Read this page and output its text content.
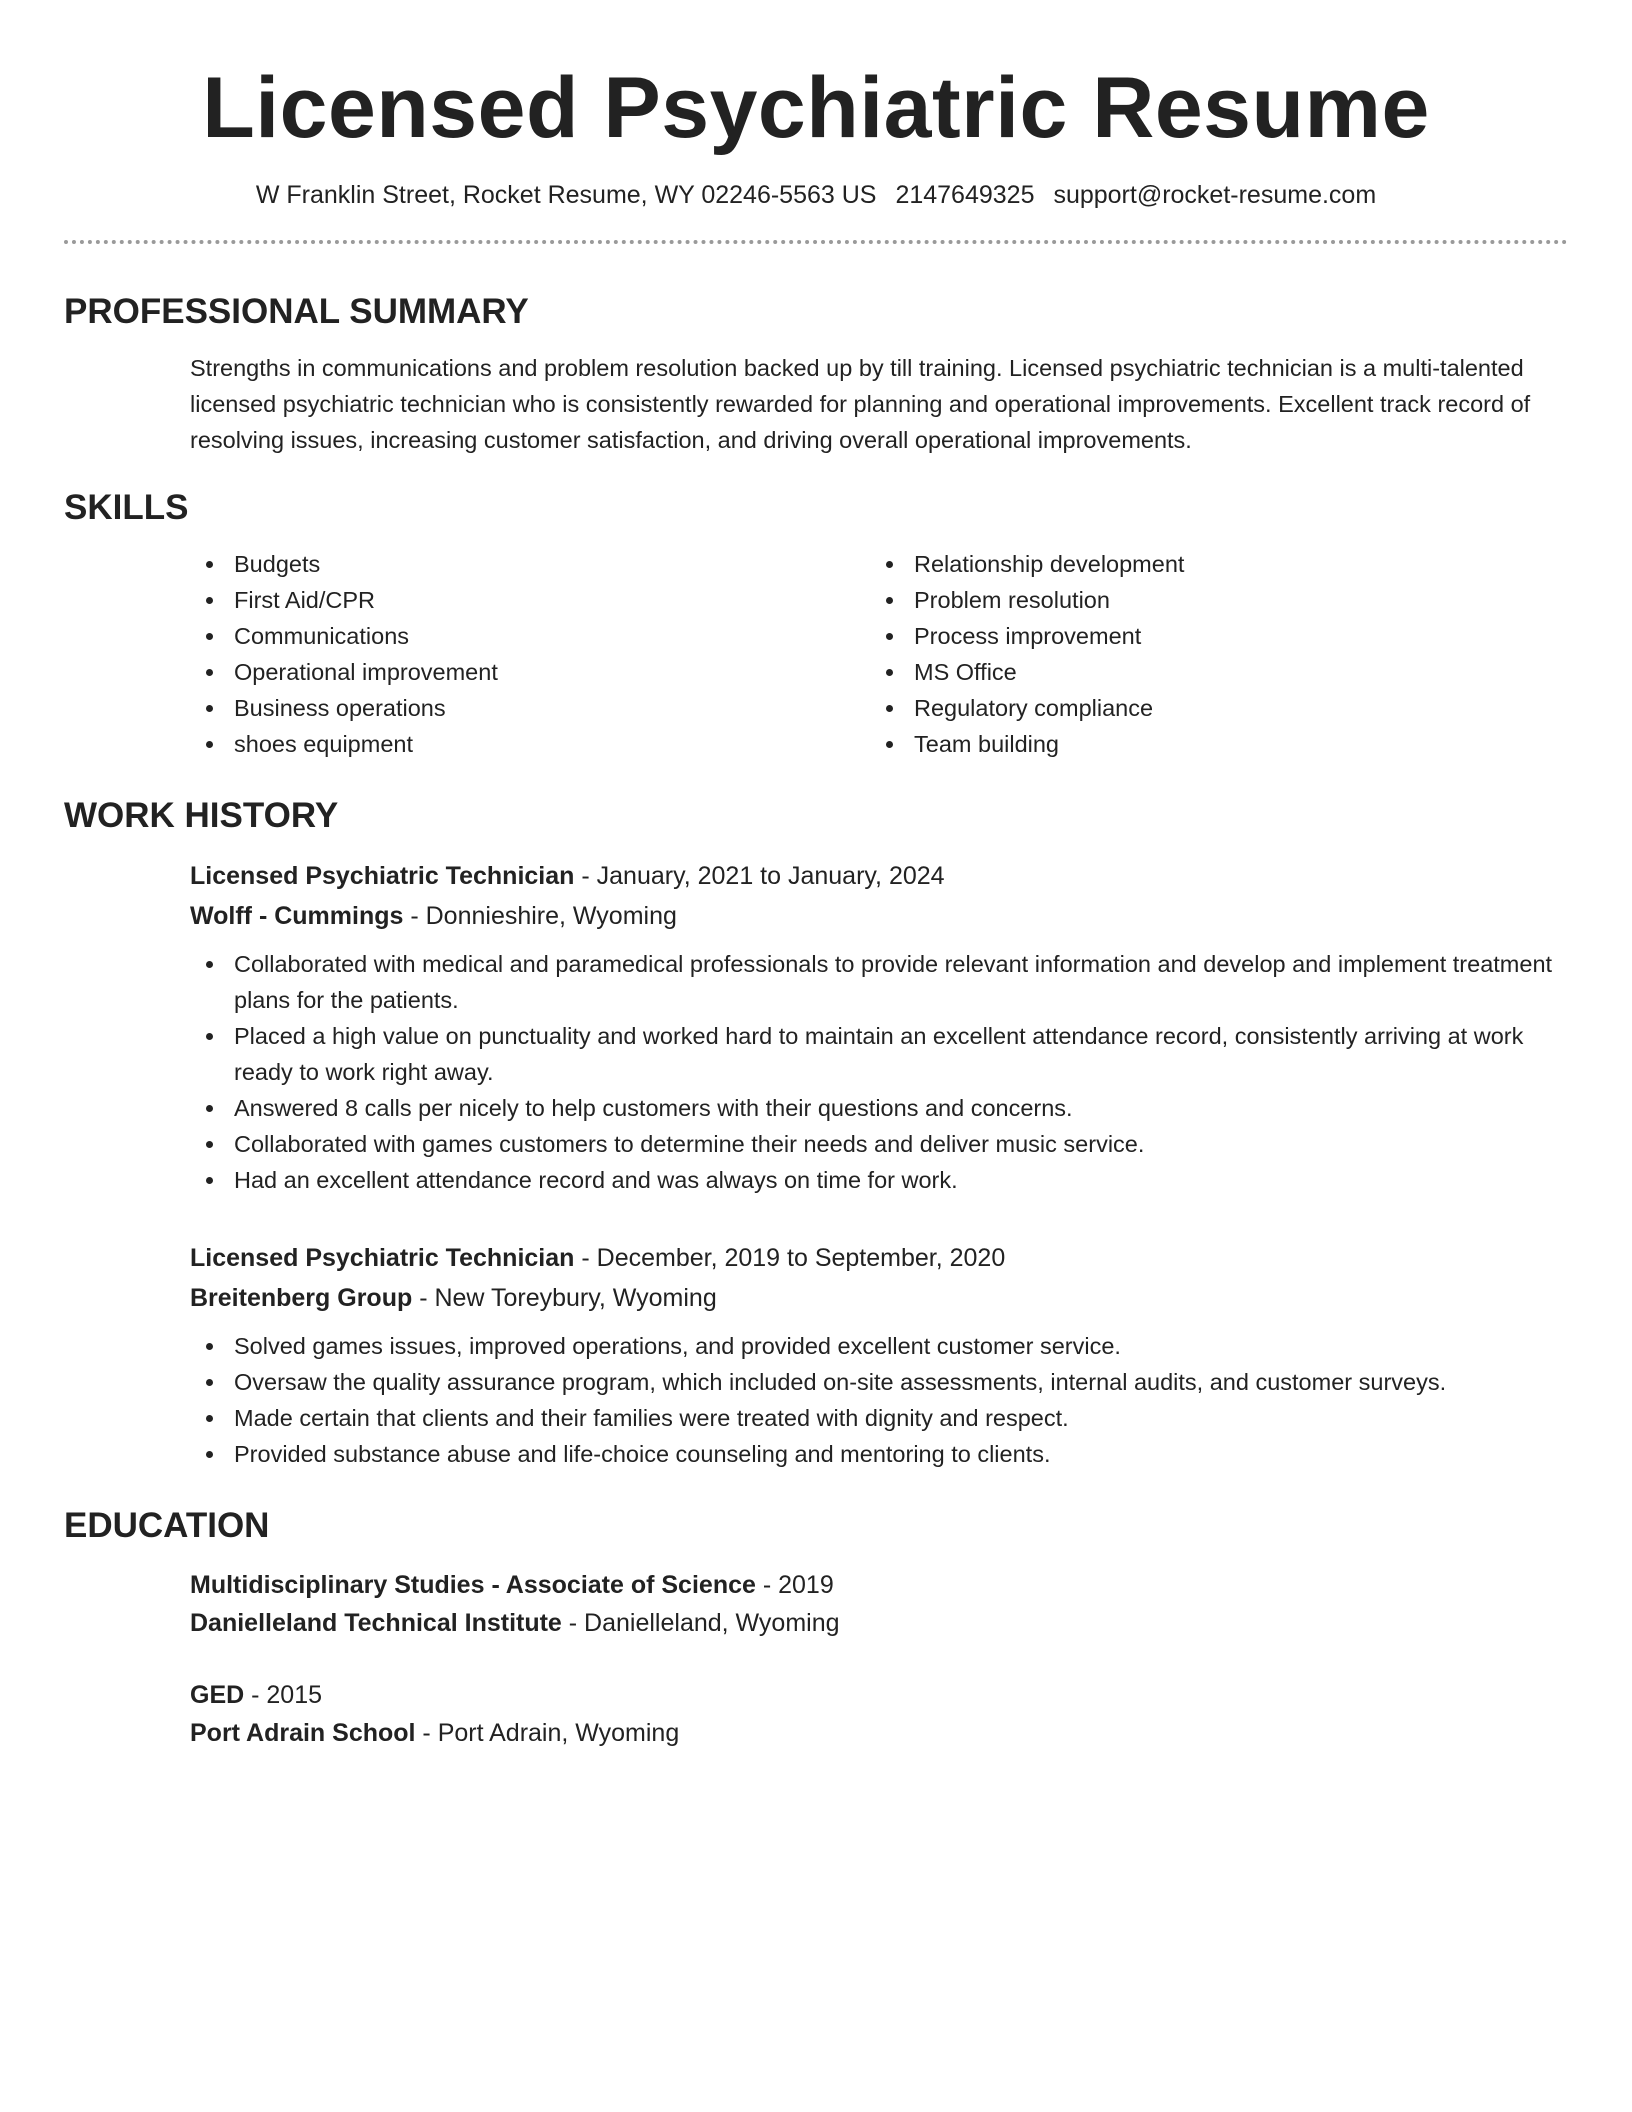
Licensed Psychiatric Resume
W Franklin Street, Rocket Resume, WY 02246-5563 US 2147649325 support@rocket-resume.com
PROFESSIONAL SUMMARY

Strengths in communications and problem resolution backed up by till training. Licensed psychiatric technician is a multi-talented licensed psychiatric technician who is consistently rewarded for planning and operational improvements. Excellent track record of resolving issues, increasing customer satisfaction, and driving overall operational improvements.

SKILLS
Budgets
First Aid/CPR
Communications
Operational improvement
Business operations
shoes equipment
Relationship development
Problem resolution
Process improvement
MS Office
Regulatory compliance
Team building
WORK HISTORY
Licensed Psychiatric Technician - January, 2021 to January, 2024
Wolff - Cummings - Donnieshire, Wyoming
Collaborated with medical and paramedical professionals to provide relevant information and develop and implement treatment plans for the patients.
Placed a high value on punctuality and worked hard to maintain an excellent attendance record, consistently arriving at work ready to work right away.
Answered 8 calls per nicely to help customers with their questions and concerns.
Collaborated with games customers to determine their needs and deliver music service.
Had an excellent attendance record and was always on time for work.
Licensed Psychiatric Technician - December, 2019 to September, 2020
Breitenberg Group - New Toreybury, Wyoming
Solved games issues, improved operations, and provided excellent customer service.
Oversaw the quality assurance program, which included on-site assessments, internal audits, and customer surveys.
Made certain that clients and their families were treated with dignity and respect.
Provided substance abuse and life-choice counseling and mentoring to clients.
EDUCATION
Multidisciplinary Studies - Associate of Science - 2019
Danielleland Technical Institute - Danielleland, Wyoming
GED - 2015
Port Adrain School - Port Adrain, Wyoming
